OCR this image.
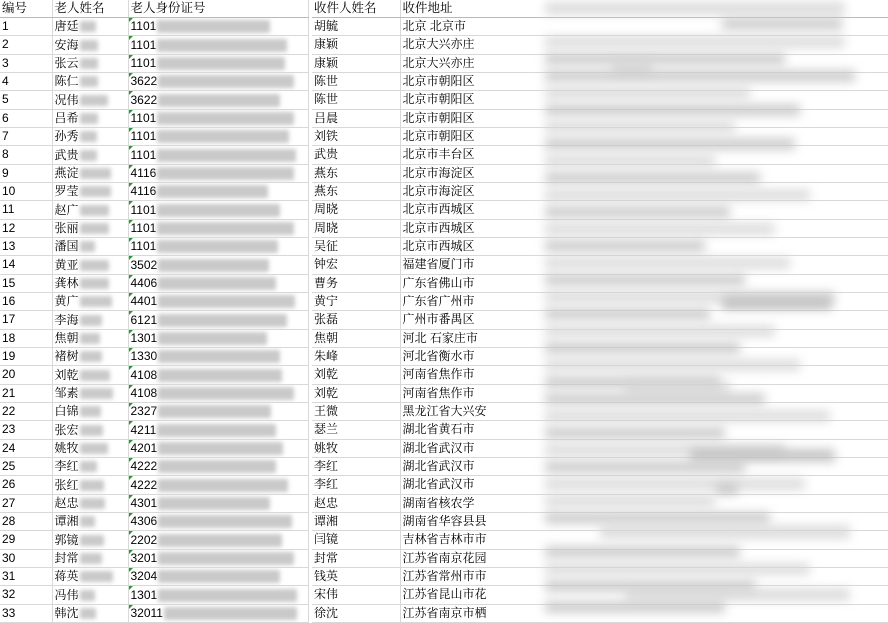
编号	老人姓名	老人身份证号		收件人姓名	收件地址
1	唐廷	1101		胡毓	北京 北京市
2	安海	1101		康颖	北京大兴亦庄
3	张云	1101		康颖	北京大兴亦庄
4	陈仁	3622		陈世	北京市朝阳区
5	况伟	3622		陈世	北京市朝阳区
6	吕希	1101		吕晨	北京市朝阳区
7	孙秀	1101		刘铁	北京市朝阳区
8	武贵	1101		武贵	北京市丰台区
9	燕淀	4116		燕东	北京市海淀区
10	罗莹	4116		燕东	北京市海淀区
11	赵广	1101		周晓	北京市西城区
12	张丽	1101		周晓	北京市西城区
13	潘国	1101		吴征	北京市西城区
14	黄亚	3502		钟宏	福建省厦门市
15	龚林	4406		曹务	广东省佛山市
16	黄广	4401		黄宁	广东省广州市
17	李海	6121		张磊	广州市番禺区
18	焦朝	1301		焦朝	河北 石家庄市
19	褚树	1330		朱峰	河北省衡水市
20	刘乾	4108		刘乾	河南省焦作市
21	邹素	4108		刘乾	河南省焦作市
22	白锦	2327		王微	黑龙江省大兴安
23	张宏	4211		瑟兰	湖北省黄石市
24	姚牧	4201		姚牧	湖北省武汉市
25	李红	4222		李红	湖北省武汉市
26	张红	4222		李红	湖北省武汉市
27	赵忠	4301		赵忠	湖南省核农学
28	谭湘	4306		谭湘	湖南省华容县县
29	郭镜	2202		闫镜	吉林省吉林市市
30	封常	3201		封常	江苏省南京花园
31	蒋英	3204		钱英	江苏省常州市市
32	冯伟	1301		宋伟	江苏省昆山市花
33	韩沈	32011		徐沈	江苏省南京市栖
